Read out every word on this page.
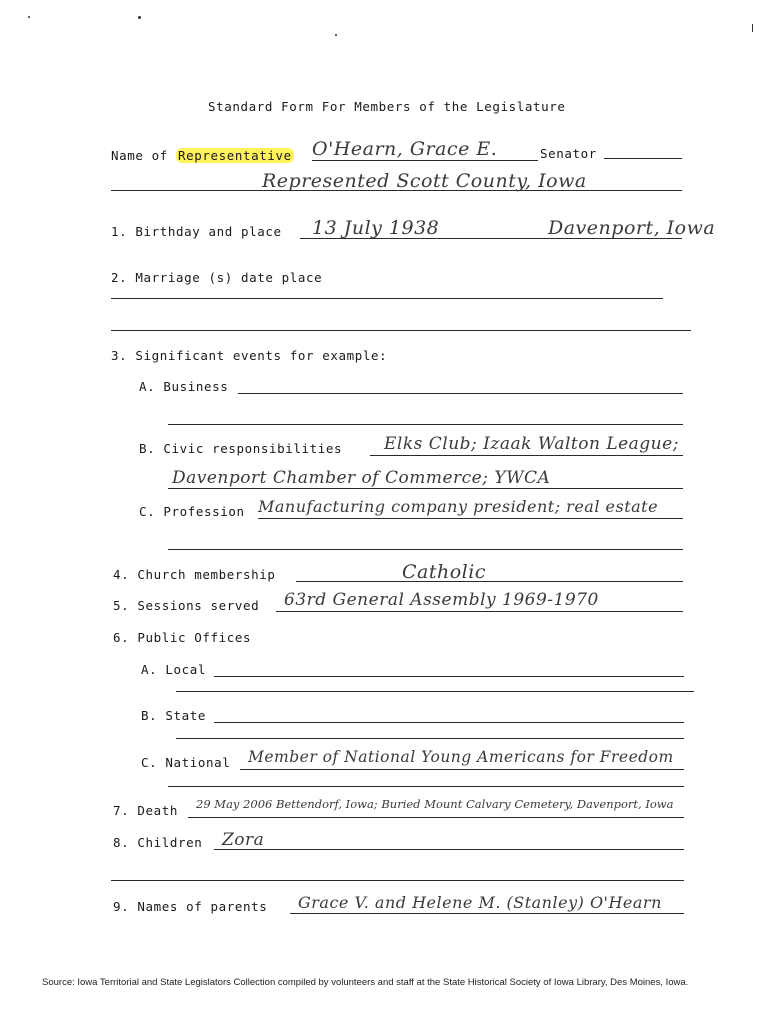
Standard Form For Members of the Legislature
Name of Representative O'Hearn, Grace E.	Senator
Represented Scott County, Iowa
1. Birthday and place 13 July 1938	Davenport, Iowa
2. Marriage (s) date place
3. Significant events for example:
A. Business
B. Civic responsibilities Elks Club; Izaak Walton League;
Davenport Chamber of Commerce; YWCA
C. Profession Manufacturing company president; real estate
4. Church membership	Catholic
5. Sessions served 63rd General Assembly 1969-1970
6. Public Offices
A. Local
B. State
C. National Member of National Young Americans for Freedom
7. Death 29 May 2006 Bettendorf, Iowa; Buried Mount Calvary Cemetery, Davenport, Iowa
8. Children Zora
9. Names of parents Grace V. and Helene M. (Stanley) O'Hearn
Source: Iowa Territorial and State Legislators Collection compiled by volunteers and staff at the State Historical Society of Iowa Library, Des Moines, Iowa.
